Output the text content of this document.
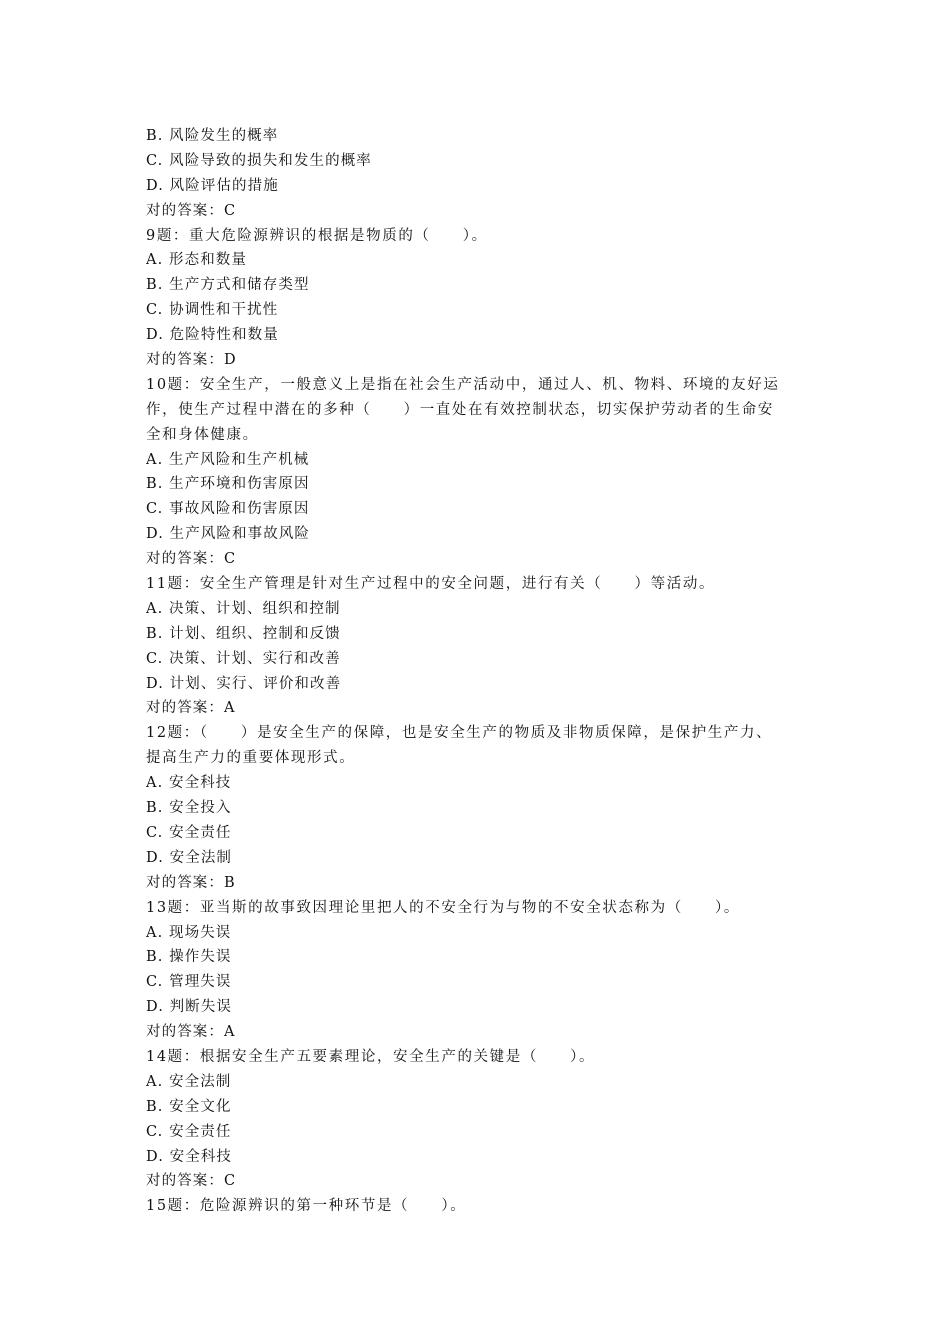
B. 风险发生的概率
C. 风险导致的损失和发生的概率
D. 风险评估的措施
对的答案：C
9题：重大危险源辨识的根据是物质的（　　）。
A. 形态和数量
B. 生产方式和储存类型
C. 协调性和干扰性
D. 危险特性和数量
对的答案：D
10题：安全生产，一般意义上是指在社会生产活动中，通过人、机、物料、环境的友好运
作，使生产过程中潜在的多种（　　）一直处在有效控制状态，切实保护劳动者的生命安
全和身体健康。
A. 生产风险和生产机械
B. 生产环境和伤害原因
C. 事故风险和伤害原因
D. 生产风险和事故风险
对的答案：C
11题：安全生产管理是针对生产过程中的安全问题，进行有关（　　）等活动。
A. 决策、计划、组织和控制
B. 计划、组织、控制和反馈
C. 决策、计划、实行和改善
D. 计划、实行、评价和改善
对的答案：A
12题：（　　）是安全生产的保障，也是安全生产的物质及非物质保障，是保护生产力、
提高生产力的重要体现形式。
A. 安全科技
B. 安全投入
C. 安全责任
D. 安全法制
对的答案：B
13题：亚当斯的故事致因理论里把人的不安全行为与物的不安全状态称为（　　）。
A. 现场失误
B. 操作失误
C. 管理失误
D. 判断失误
对的答案：A
14题：根据安全生产五要素理论，安全生产的关键是（　　）。
A. 安全法制
B. 安全文化
C. 安全责任
D. 安全科技
对的答案：C
15题：危险源辨识的第一种环节是（　　）。
